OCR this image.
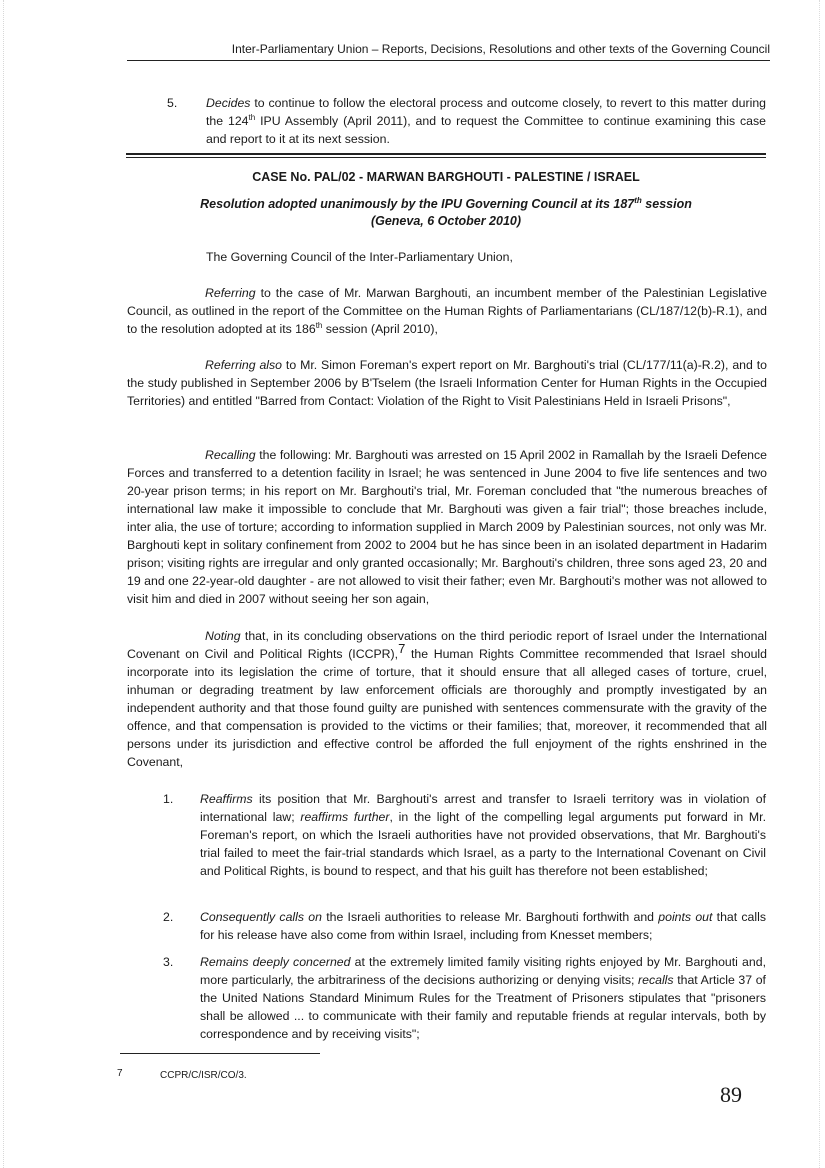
Inter-Parliamentary Union – Reports, Decisions, Resolutions and other texts of the Governing Council
5. Decides to continue to follow the electoral process and outcome closely, to revert to this matter during the 124th IPU Assembly (April 2011), and to request the Committee to continue examining this case and report to it at its next session.
CASE No. PAL/02 - MARWAN BARGHOUTI - PALESTINE / ISRAEL
Resolution adopted unanimously by the IPU Governing Council at its 187th session
(Geneva, 6 October 2010)
The Governing Council of the Inter-Parliamentary Union,
Referring to the case of Mr. Marwan Barghouti, an incumbent member of the Palestinian Legislative Council, as outlined in the report of the Committee on the Human Rights of Parliamentarians (CL/187/12(b)-R.1), and to the resolution adopted at its 186th session (April 2010),
Referring also to Mr. Simon Foreman's expert report on Mr. Barghouti's trial (CL/177/11(a)-R.2), and to the study published in September 2006 by B'Tselem (the Israeli Information Center for Human Rights in the Occupied Territories) and entitled "Barred from Contact: Violation of the Right to Visit Palestinians Held in Israeli Prisons",
Recalling the following: Mr. Barghouti was arrested on 15 April 2002 in Ramallah by the Israeli Defence Forces and transferred to a detention facility in Israel; he was sentenced in June 2004 to five life sentences and two 20-year prison terms; in his report on Mr. Barghouti's trial, Mr. Foreman concluded that "the numerous breaches of international law make it impossible to conclude that Mr. Barghouti was given a fair trial"; those breaches include, inter alia, the use of torture; according to information supplied in March 2009 by Palestinian sources, not only was Mr. Barghouti kept in solitary confinement from 2002 to 2004 but he has since been in an isolated department in Hadarim prison; visiting rights are irregular and only granted occasionally; Mr. Barghouti's children, three sons aged 23, 20 and 19 and one 22-year-old daughter - are not allowed to visit their father; even Mr. Barghouti's mother was not allowed to visit him and died in 2007 without seeing her son again,
Noting that, in its concluding observations on the third periodic report of Israel under the International Covenant on Civil and Political Rights (ICCPR),7 the Human Rights Committee recommended that Israel should incorporate into its legislation the crime of torture, that it should ensure that all alleged cases of torture, cruel, inhuman or degrading treatment by law enforcement officials are thoroughly and promptly investigated by an independent authority and that those found guilty are punished with sentences commensurate with the gravity of the offence, and that compensation is provided to the victims or their families; that, moreover, it recommended that all persons under its jurisdiction and effective control be afforded the full enjoyment of the rights enshrined in the Covenant,
1. Reaffirms its position that Mr. Barghouti's arrest and transfer to Israeli territory was in violation of international law; reaffirms further, in the light of the compelling legal arguments put forward in Mr. Foreman's report, on which the Israeli authorities have not provided observations, that Mr. Barghouti's trial failed to meet the fair-trial standards which Israel, as a party to the International Covenant on Civil and Political Rights, is bound to respect, and that his guilt has therefore not been established;
2. Consequently calls on the Israeli authorities to release Mr. Barghouti forthwith and points out that calls for his release have also come from within Israel, including from Knesset members;
3. Remains deeply concerned at the extremely limited family visiting rights enjoyed by Mr. Barghouti and, more particularly, the arbitrariness of the decisions authorizing or denying visits; recalls that Article 37 of the United Nations Standard Minimum Rules for the Treatment of Prisoners stipulates that "prisoners shall be allowed ... to communicate with their family and reputable friends at regular intervals, both by correspondence and by receiving visits";
7	CCPR/C/ISR/CO/3.
89
